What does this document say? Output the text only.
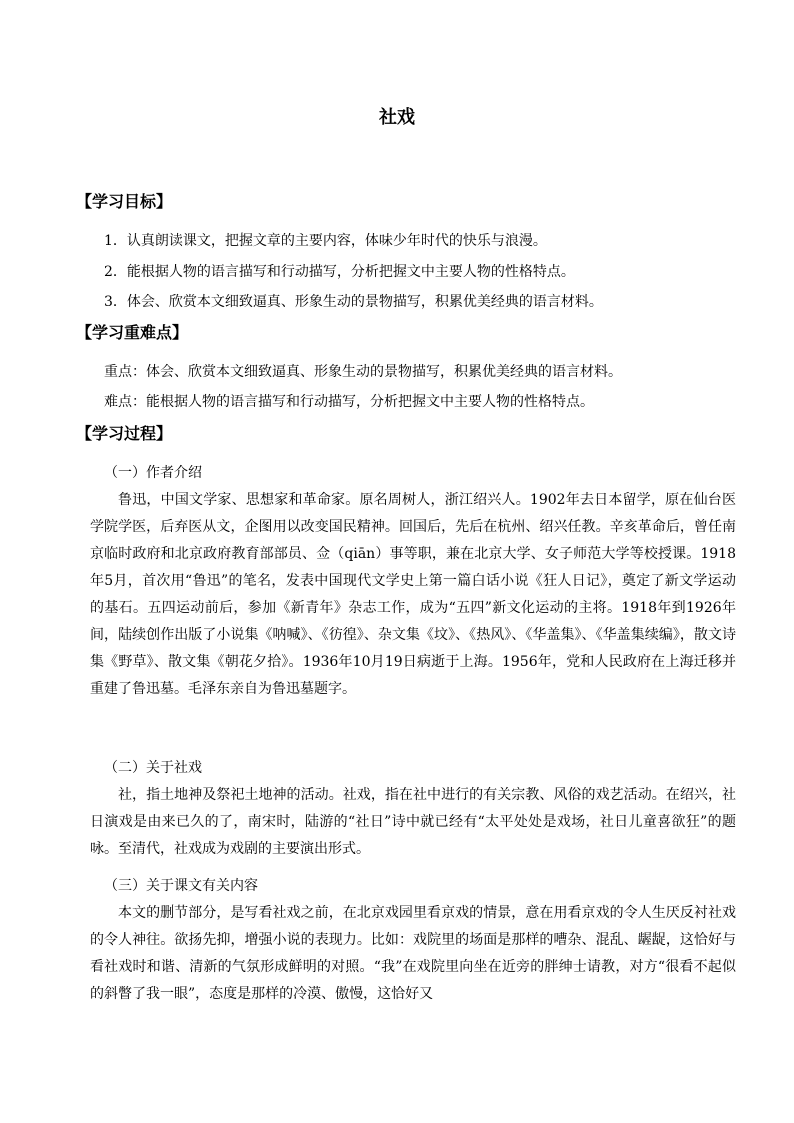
社戏
【学习目标】
1．认真朗读课文，把握文章的主要内容，体味少年时代的快乐与浪漫。
2．能根据人物的语言描写和行动描写，分析把握文中主要人物的性格特点。
3．体会、欣赏本文细致逼真、形象生动的景物描写，积累优美经典的语言材料。
【学习重难点】
重点：体会、欣赏本文细致逼真、形象生动的景物描写，积累优美经典的语言材料。
难点：能根据人物的语言描写和行动描写，分析把握文中主要人物的性格特点。
【学习过程】
（一）作者介绍
鲁迅，中国文学家、思想家和革命家。原名周树人，浙江绍兴人。1902年去日本留学，原在仙台医学院学医，后弃医从文，企图用以改变国民精神。回国后，先后在杭州、绍兴任教。辛亥革命后，曾任南京临时政府和北京政府教育部部员、佥（qiān）事等职，兼在北京大学、女子师范大学等校授课。1918年5月，首次用“鲁迅”的笔名，发表中国现代文学史上第一篇白话小说《狂人日记》，奠定了新文学运动的基石。五四运动前后，参加《新青年》杂志工作，成为“五四”新文化运动的主将。1918年到1926年间，陆续创作出版了小说集《呐喊》、《彷徨》、杂文集《坟》、《热风》、《华盖集》、《华盖集续编》，散文诗集《野草》、散文集《朝花夕拾》。1936年10月19日病逝于上海。1956年，党和人民政府在上海迁移并重建了鲁迅墓。毛泽东亲自为鲁迅墓题字。
（二）关于社戏
社，指土地神及祭祀土地神的活动。社戏，指在社中进行的有关宗教、风俗的戏艺活动。在绍兴，社日演戏是由来已久的了，南宋时，陆游的“社日”诗中就已经有“太平处处是戏场，社日儿童喜欲狂”的题咏。至清代，社戏成为戏剧的主要演出形式。
（三）关于课文有关内容
本文的删节部分，是写看社戏之前，在北京戏园里看京戏的情景，意在用看京戏的令人生厌反衬社戏的令人神往。欲扬先抑，增强小说的表现力。比如：戏院里的场面是那样的嘈杂、混乱、龌龊，这恰好与看社戏时和谐、清新的气氛形成鲜明的对照。“我”在戏院里向坐在近旁的胖绅士请教，对方“很看不起似的斜瞥了我一眼”，态度是那样的冷漠、傲慢，这恰好又
